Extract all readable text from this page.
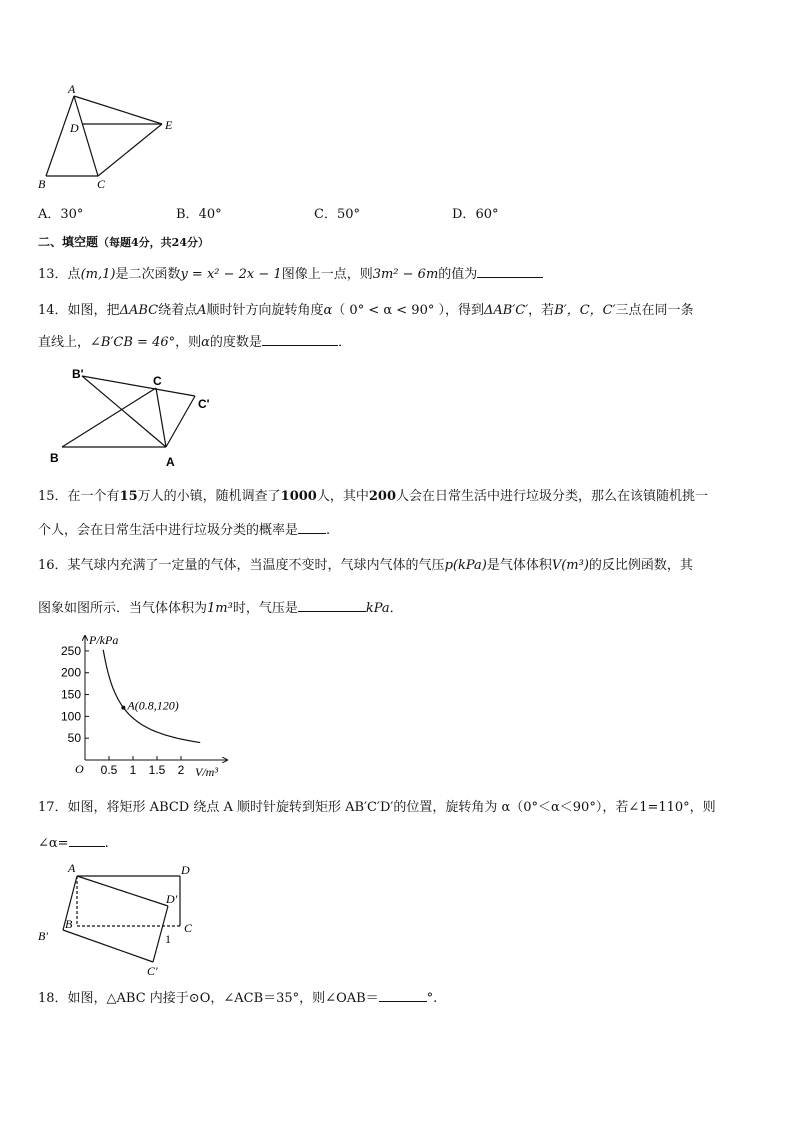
A
D	E
B	C
A．30°	B．40°	C．50°	D．60°
二、填空题（每题4分，共24分）
13．点(m,1)是二次函数y = x² − 2x − 1图像上一点，则3m² − 6m的值为
14．如图，把ΔABC绕着点A顺时针方向旋转角度α（ 0° < α < 90° ），得到ΔAB′C′，若B′，C，C′三点在同一条
直线上，∠B′CB = 46°，则α的度数是	．
B'	C
C'
B	A
15．在一个有15万人的小镇，随机调查了1000人，其中200人会在日常生活中进行垃圾分类，那么在该镇随机挑一
个人，会在日常生活中进行垃圾分类的概率是 .
16．某气球内充满了一定量的气体，当温度不变时，气球内气体的气压p(kPa)是气体体积V(m³)的反比例函数，其
图象如图所示．当气体体积为1m³时，气压是	kPa．
0.5 1 1.5 2
250
200
150
100
50
A(0.8,120)
P/kPa
V/m³
O
17．如图，将矩形 ABCD 绕点 A 顺时针旋转到矩形 AB′C′D′的位置，旋转角为 α（0°＜α＜90°），若∠1=110°，则
∠α=	.
A	D
D′
B	C
B′	1
C′
18．如图，△ABC 内接于⊙O，∠ACB＝35°，则∠OAB＝	°.
